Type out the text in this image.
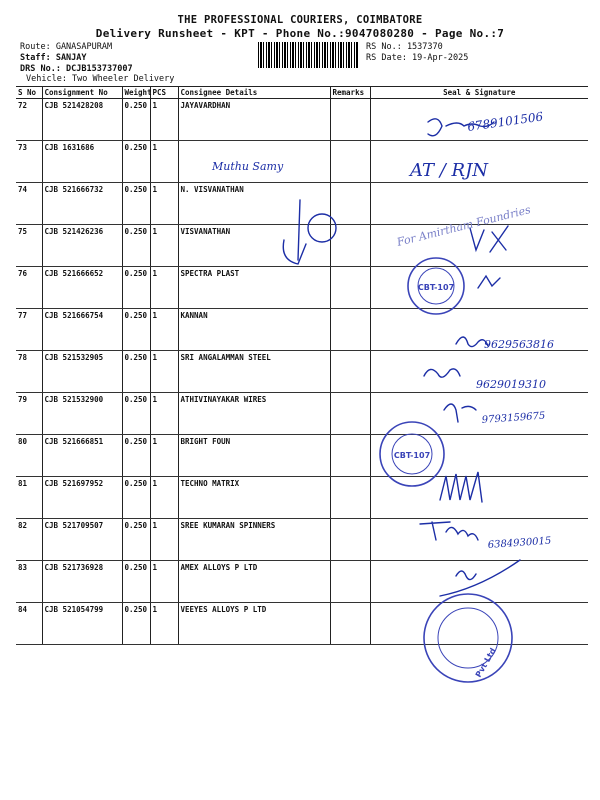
THE PROFESSIONAL COURIERS, COIMBATORE
Delivery Runsheet - KPT - Phone No.:9047080280 - Page No.:7
Route: GANASAPURAM
Staff: SANJAY
DRS No.: DCJB153737007
Vehicle: Two Wheeler Delivery
RS No.: 1537370
RS Date: 19-Apr-2025
S No	Consignment No	Weight	PCS	Consignee Details	Remarks	Seal & Signature
72	CJB 521428208	0.250	1	JAYAVARDHAN		
73	CJB 1631686	0.250	1			
74	CJB 521666732	0.250	1	N. VISVANATHAN		
75	CJB 521426236	0.250	1	VISVANATHAN		
76	CJB 521666652	0.250	1	SPECTRA PLAST		
77	CJB 521666754	0.250	1	KANNAN		
78	CJB 521532905	0.250	1	SRI ANGALAMMAN STEEL		
79	CJB 521532900	0.250	1	ATHIVINAYAKAR WIRES		
80	CJB 521666851	0.250	1	BRIGHT FOUN		
81	CJB 521697952	0.250	1	TECHNO MATRIX		
82	CJB 521709507	0.250	1	SREE KUMARAN SPINNERS		
83	CJB 521736928	0.250	1	AMEX ALLOYS P LTD		
84	CJB 521054799	0.250	1	VEEYES ALLOYS P LTD		
6789101506
Muthu Samy	AT / RJN
For Amirtham Foundries
9629563816
9629019310
9793159675
6384930015
CBT-107
CBT-107
Pvt Ltd
